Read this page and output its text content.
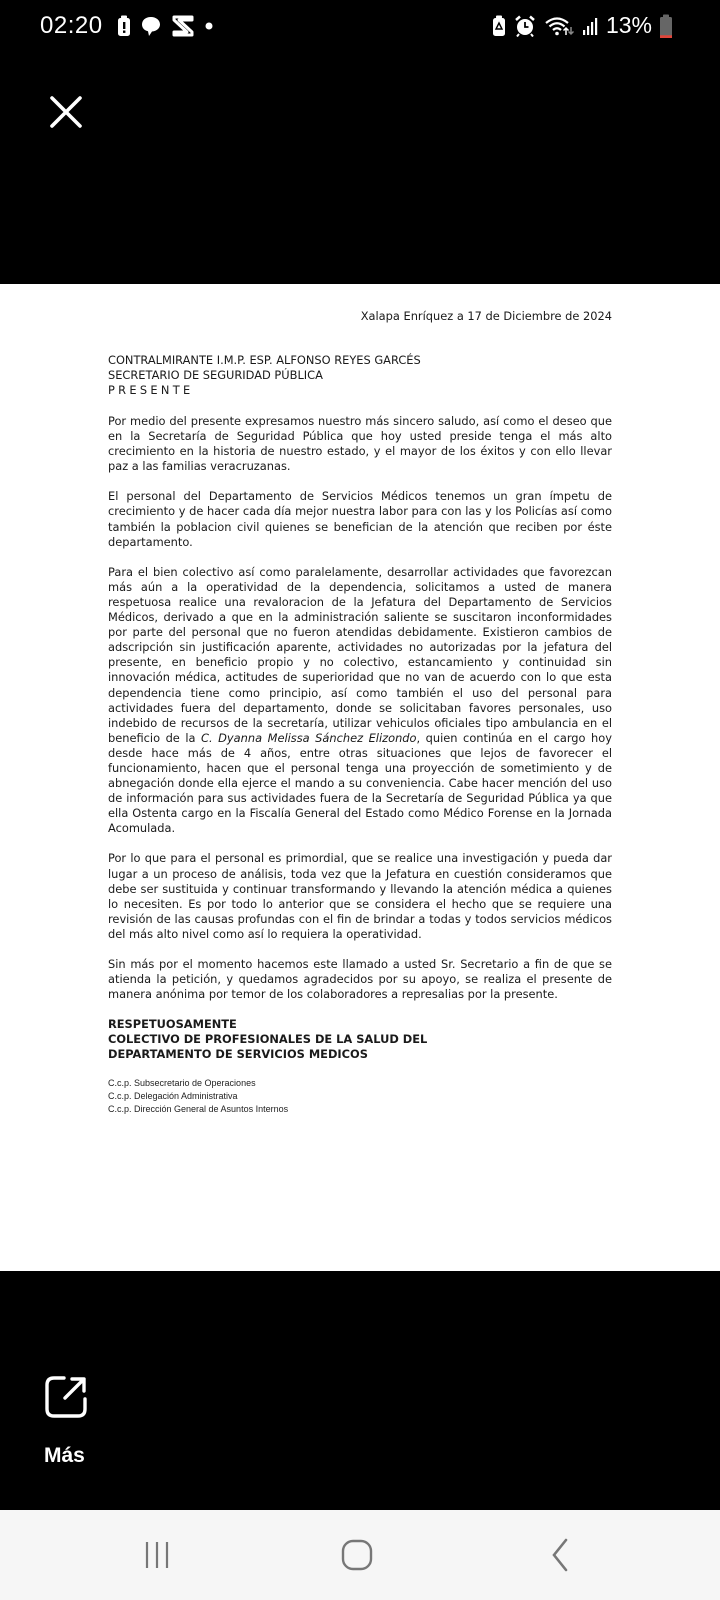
02:20	13%
Xalapa Enríquez a 17 de Diciembre de 2024
CONTRALMIRANTE I.M.P. ESP. ALFONSO REYES GARCÉS
SECRETARIO DE SEGURIDAD PÚBLICA
PRESENTE

Por medio del presente expresamos nuestro más sincero saludo, así como el deseo que en la Secretaría de Seguridad Pública que hoy usted preside tenga el más alto crecimiento en la historia de nuestro estado, y el mayor de los éxitos y con ello llevar paz a las familias veracruzanas.

El personal del Departamento de Servicios Médicos tenemos un gran ímpetu de crecimiento y de hacer cada día mejor nuestra labor para con las y los Policías así como también la poblacion civil quienes se benefician de la atención que reciben por éste departamento.

Para el bien colectivo así como paralelamente, desarrollar actividades que favorezcan más aún a la operatividad de la dependencia, solicitamos a usted de manera respetuosa realice una revaloracion de la Jefatura del Departamento de Servicios Médicos, derivado a que en la administración saliente se suscitaron inconformidades por parte del personal que no fueron atendidas debidamente. Existieron cambios de adscripción sin justificación aparente, actividades no autorizadas por la jefatura del presente, en beneficio propio y no colectivo, estancamiento y continuidad sin innovación médica, actitudes de superioridad que no van de acuerdo con lo que esta dependencia tiene como principio, así como también el uso del personal para actividades fuera del departamento, donde se solicitaban favores personales, uso indebido de recursos de la secretaría, utilizar vehiculos oficiales tipo ambulancia en el beneficio de la C. Dyanna Melissa Sánchez Elizondo, quien continúa en el cargo hoy desde hace más de 4 años, entre otras situaciones que lejos de favorecer el funcionamiento, hacen que el personal tenga una proyección de sometimiento y de abnegación donde ella ejerce el mando a su conveniencia. Cabe hacer mención del uso de información para sus actividades fuera de la Secretaría de Seguridad Pública ya que ella Ostenta cargo en la Fiscalía General del Estado como Médico Forense en la Jornada Acomulada.

Por lo que para el personal es primordial, que se realice una investigación y pueda dar lugar a un proceso de análisis, toda vez que la Jefatura en cuestión consideramos que debe ser sustituida y continuar transformando y llevando la atención médica a quienes lo necesiten. Es por todo lo anterior que se considera el hecho que se requiere una revisión de las causas profundas con el fin de brindar a todas y todos servicios médicos del más alto nivel como así lo requiera la operatividad.

Sin más por el momento hacemos este llamado a usted Sr. Secretario a fin de que se atienda la petición, y quedamos agradecidos por su apoyo, se realiza el presente de manera anónima por temor de los colaboradores a represalias por la presente.

RESPETUOSAMENTE
COLECTIVO DE PROFESIONALES DE LA SALUD DEL
DEPARTAMENTO DE SERVICIOS MEDICOS
C.c.p. Subsecretario de Operaciones
C.c.p. Delegación Administrativa
C.c.p. Dirección General de Asuntos Internos
Más
